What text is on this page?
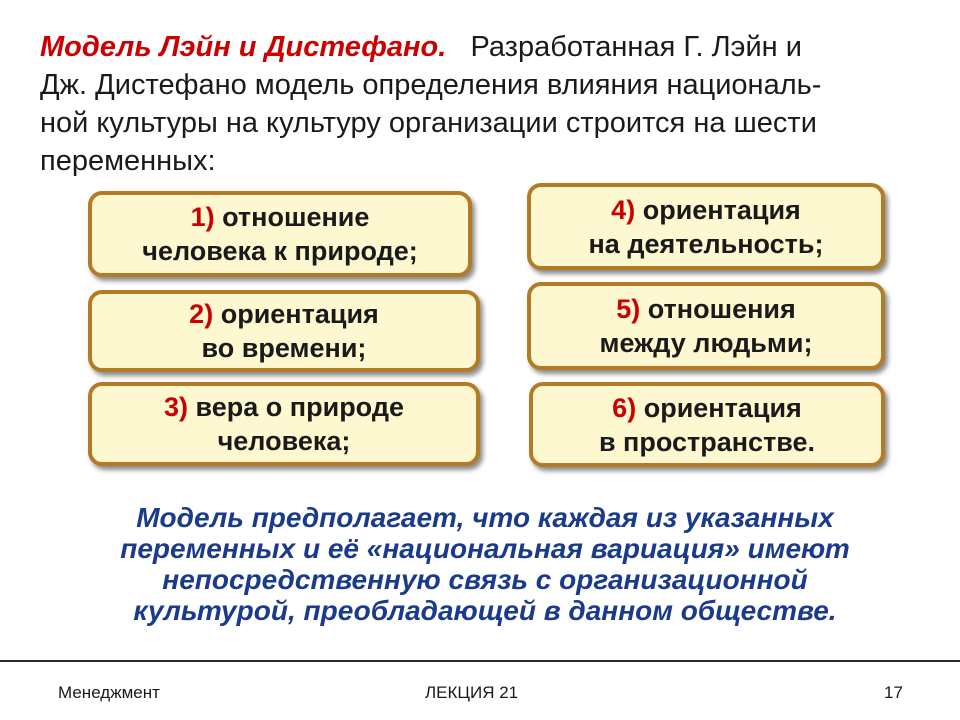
Модель Лэйн и Дистефано. Разработанная Г. Лэйн и
Дж. Дистефано модель определения влияния националь-
ной культуры на культуру организации строится на шести
переменных:
1) отношение
человека к природе;
2) ориентация
во времени;
3) вера о природе
человека;
4) ориентация
на деятельность;
5) отношения
между людьми;
6) ориентация
в пространстве.
Модель предполагает, что каждая из указанных
переменных и её «национальная вариация» имеют
непосредственную связь с организационной
культурой, преобладающей в данном обществе.
Менеджмент	ЛЕКЦИЯ 21	17
